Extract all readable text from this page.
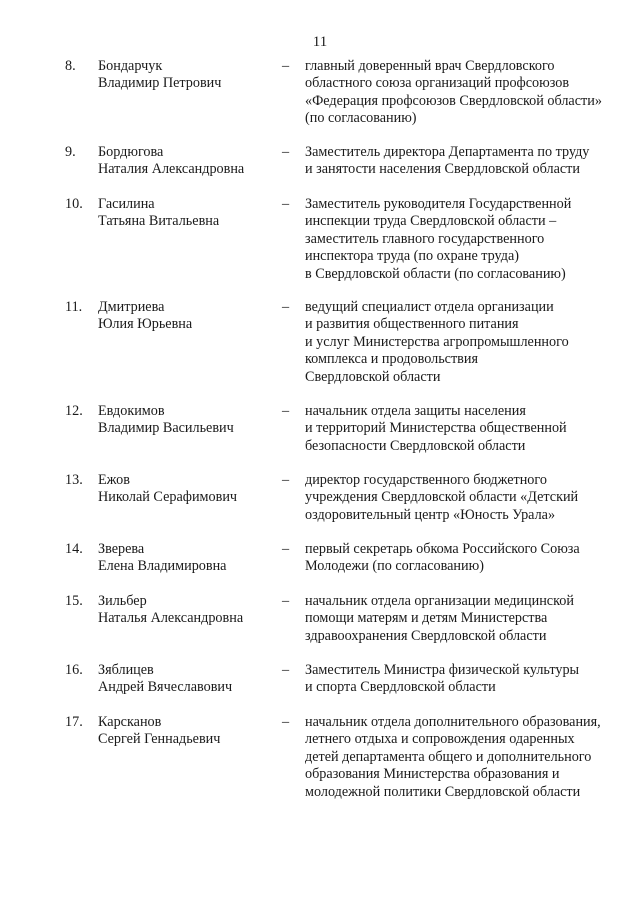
11
8.	Бондарчук
Владимир Петрович
– главный доверенный врач Свердловского
областного союза организаций профсоюзов
«Федерация профсоюзов Свердловской области»
(по согласованию)
9.	Бордюгова
Наталия Александровна
– Заместитель директора Департамента по труду
и занятости населения Свердловской области
10.	Гасилина
Татьяна Витальевна
– Заместитель руководителя Государственной
инспекции труда Свердловской области –
заместитель главного государственного
инспектора труда (по охране труда)
в Свердловской области (по согласованию)
11.	Дмитриева
Юлия Юрьевна
– ведущий специалист отдела организации
и развития общественного питания
и услуг Министерства агропромышленного
комплекса и продовольствия
Свердловской области
12.	Евдокимов
Владимир Васильевич
– начальник отдела защиты населения
и территорий Министерства общественной
безопасности Свердловской области
13.	Ежов
Николай Серафимович
– директор государственного бюджетного
учреждения Свердловской области «Детский
оздоровительный центр «Юность Урала»
14.	Зверева
Елена Владимировна
– первый секретарь обкома Российского Союза
Молодежи (по согласованию)
15.	Зильбер
Наталья Александровна
– начальник отдела организации медицинской
помощи матерям и детям Министерства
здравоохранения Свердловской области
16.	Зяблицев
Андрей Вячеславович
– Заместитель Министра физической культуры
и спорта Свердловской области
17.	Карсканов
Сергей Геннадьевич
– начальник отдела дополнительного образования,
летнего отдыха и сопровождения одаренных
детей департамента общего и дополнительного
образования Министерства образования и
молодежной политики Свердловской области
